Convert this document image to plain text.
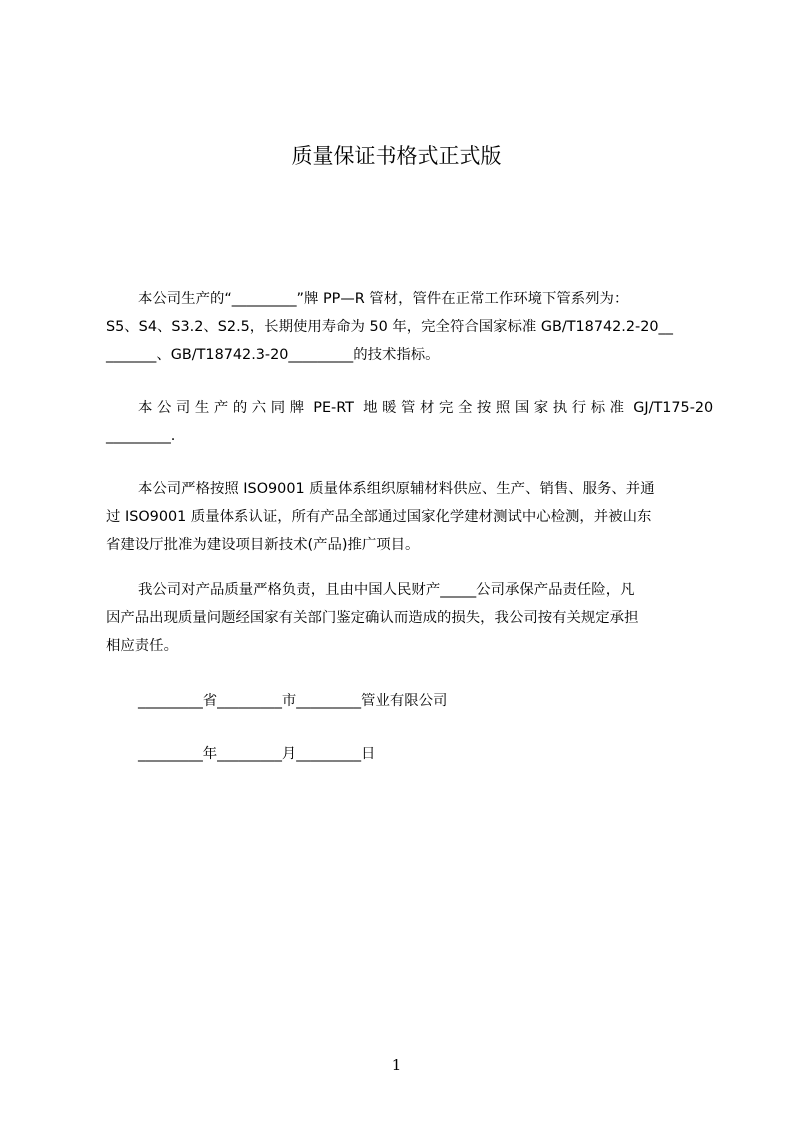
质量保证书格式正式版
本公司生产的“_________”牌 PP—R 管材，管件在正常工作环境下管系列为：
S5、S4、S3.2、S2.5，长期使用寿命为 50 年，完全符合国家标准 GB/T18742.2-20__
_______、GB/T18742.3-20_________的技术指标。
本 公 司 生 产 的 六 同 牌  PE-RT  地 暖 管 材 完 全 按 照 国 家 执 行 标 准  GJ/T175-20
_________.
本公司严格按照 ISO9001 质量体系组织原辅材料供应、生产、销售、服务、并通
过 ISO9001 质量体系认证，所有产品全部通过国家化学建材测试中心检测，并被山东
省建设厅批准为建设项目新技术(产品)推广项目。
我公司对产品质量严格负责，且由中国人民财产_____公司承保产品责任险，凡
因产品出现质量问题经国家有关部门鉴定确认而造成的损失，我公司按有关规定承担
相应责任。
_________省_________市_________管业有限公司
_________年_________月_________日
1
